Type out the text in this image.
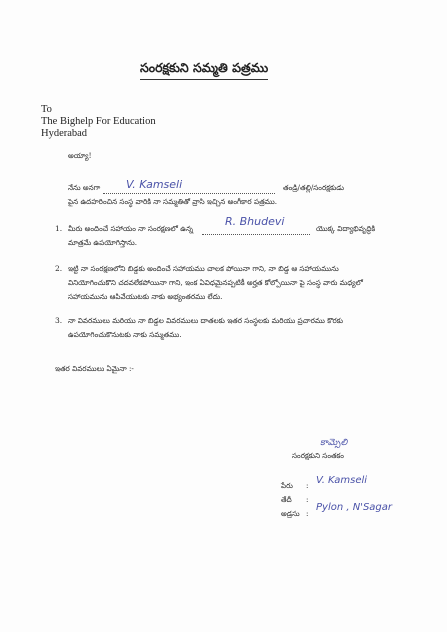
సంరక్షకుని సమ్మతి పత్రము
To
The Bighelp For Education
Hyderabad
అయ్యా!
నేను అనగా V. Kamseli	తండ్రి/తల్లి/సంరక్షకుడు
పైన ఉదహరించిన సంస్థ వారికి నా సమ్మతితో వ్రాసి ఇచ్చిన అంగీకార పత్రము.
1. మీరు అందించే సహాయం నా సంరక్షణలో ఉన్న
R. Bhudevi
యొక్క విద్యాభివృద్ధికి
మాత్రమే ఉపయోగిస్తాను.
2. ఇట్టి నా సంరక్షణలోని బిడ్డకు అందించే సహాయము చాలక పోయినా గాని, నా బిడ్డ ఆ సహాయమును
వినియోగించుకొని చదవలేకపోయినా గాని, ఇంక ఏవిధమైనప్పటికీ అర్హత కోల్పోయినా పై సంస్థ వారు మధ్యలో
సహాయమును ఆపివేయుటకు నాకు అభ్యంతరము లేదు.
3. నా వివరములు మరియు నా బిడ్డల వివరములు దాతలకు ఇతర సంస్థలకు మరియు ప్రచారము కొరకు
ఉపయోగించుకొనుటకు నాకు సమ్మతము.
ఇతర వివరములు ఏమైనా :-
కామ్సెలి
సంరక్షకుని సంతకం
పేరు : V. Kamseli
తేదీ :
అడ్రసు :
Pylon , N'Sagar
